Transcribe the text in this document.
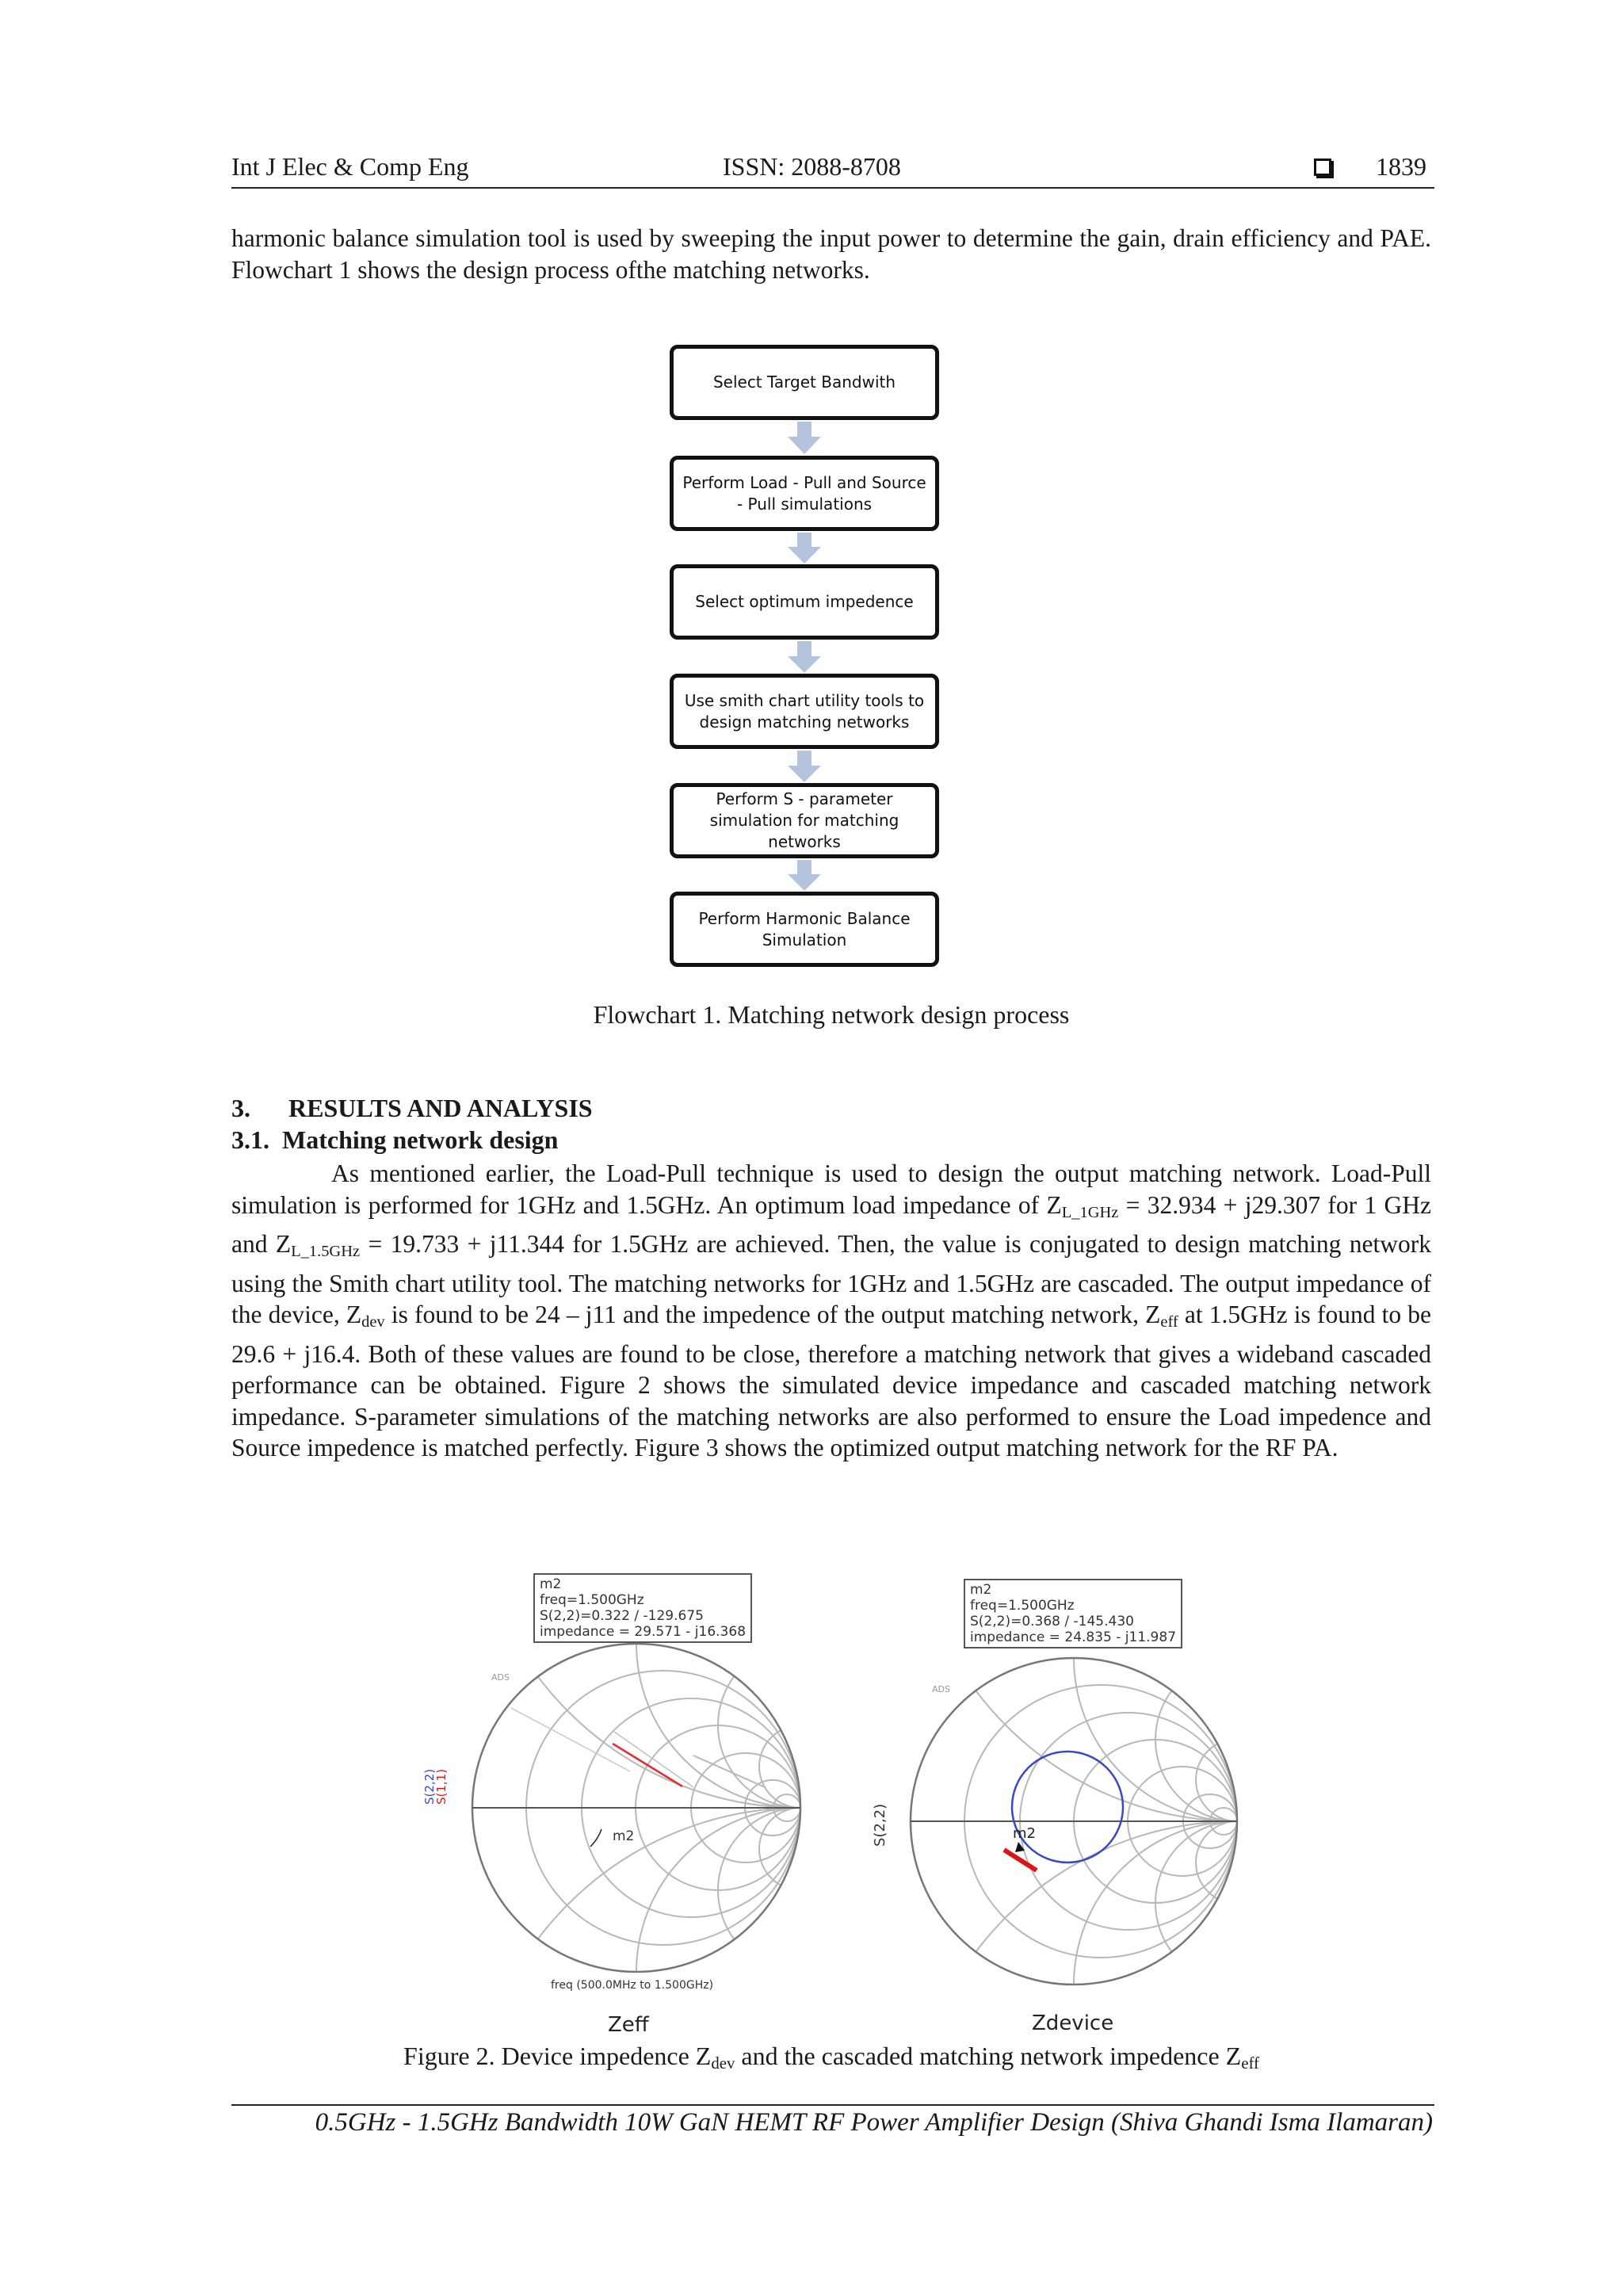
Int J Elec & Comp Eng	ISSN: 2088-8708	1839

harmonic balance simulation tool is used by sweeping the input power to determine the gain, drain efficiency and PAE. Flowchart 1 shows the design process ofthe matching networks.

Select Target Bandwith
Perform Load - Pull and Source - Pull simulations
Select optimum impedence
Use smith chart utility tools to design matching networks
Perform S - parameter simulation for matching networks
Perform Harmonic Balance Simulation
Flowchart 1. Matching network design process
3. RESULTS AND ANALYSIS
3.1. Matching network design

As mentioned earlier, the Load-Pull technique is used to design the output matching network. Load-Pull simulation is performed for 1GHz and 1.5GHz. An optimum load impedance of $Z_{L\_1GHz} = 32.934 + j29.307$ for 1 GHz and $Z_{L\_1.5GHz} = 19.733 + j11.344$ for 1.5GHz are achieved. Then, the value is conjugated to design matching network using the Smith chart utility tool. The matching networks for 1GHz and 1.5GHz are cascaded. The output impedance of the device, $Z_{dev}$ is found to be 24 – j11 and the impedence of the output matching network, $Z_{eff}$ at 1.5GHz is found to be 29.6 + j16.4. Both of these values are found to be close, therefore a matching network that gives a wideband cascaded performance can be obtained. Figure 2 shows the simulated device impedance and cascaded matching network impedance. S-parameter simulations of the matching networks are also performed to ensure the Load impedence and Source impedence is matched perfectly. Figure 3 shows the optimized output matching network for the RF PA.

m2
freq=1.500GHz
S(2,2)=0.322 / -129.675
impedance = 29.571 - j16.368
m2
ADS
S(2,2)
S(1,1)
freq (500.0MHz to 1.500GHz)
Zeff
m2
freq=1.500GHz
S(2,2)=0.368 / -145.430
impedance = 24.835 - j11.987
m2
ADS
S(2,2)
Zdevice
Figure 2. Device impedence $Z_{dev}$ and the cascaded matching network impedence $Z_{eff}$
0.5GHz - 1.5GHz Bandwidth 10W GaN HEMT RF Power Amplifier Design (Shiva Ghandi Isma Ilamaran)
